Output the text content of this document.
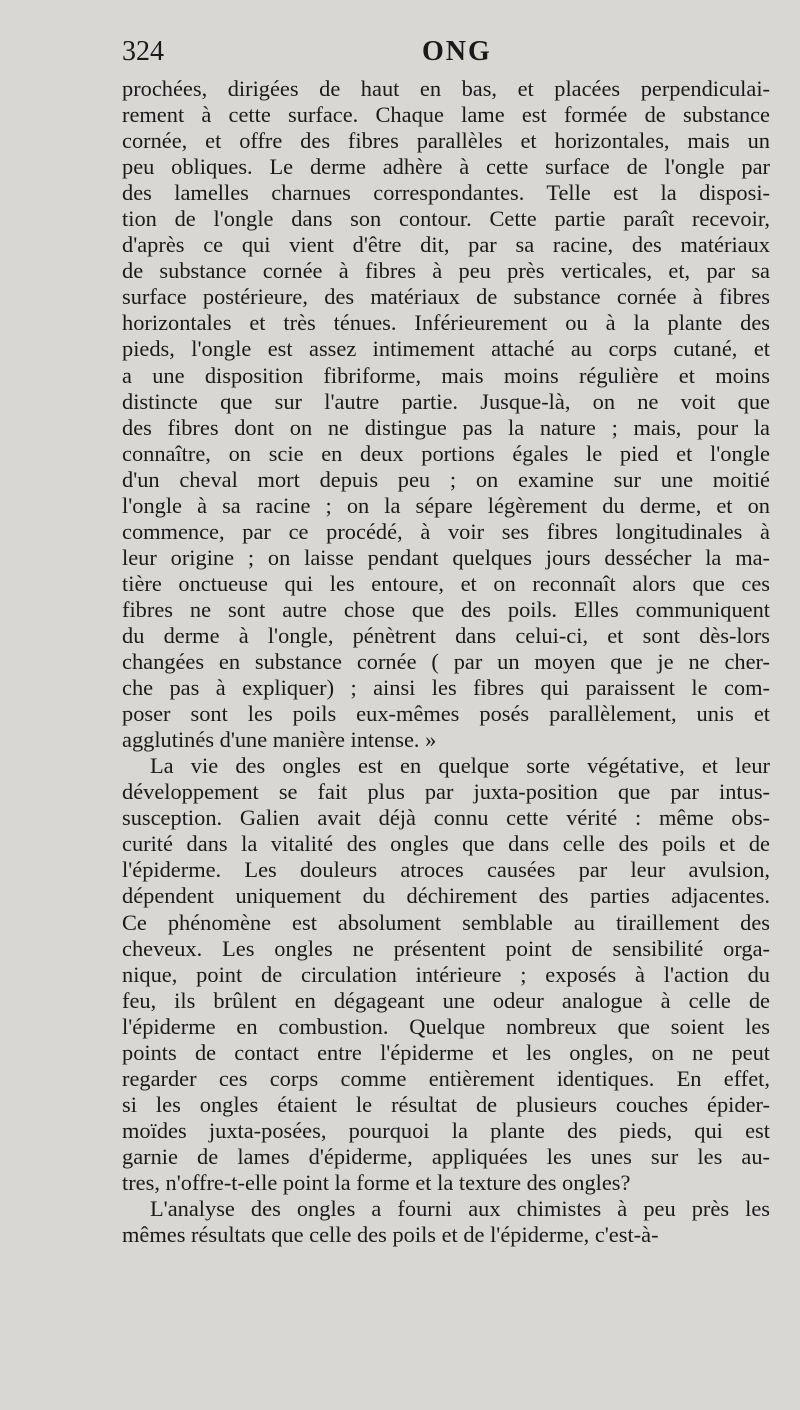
324	ONG
prochées, dirigées de haut en bas, et placées perpendiculai-
rement à cette surface. Chaque lame est formée de substance
cornée, et offre des fibres parallèles et horizontales, mais un
peu obliques. Le derme adhère à cette surface de l'ongle par
des lamelles charnues correspondantes. Telle est la disposi-
tion de l'ongle dans son contour. Cette partie paraît recevoir,
d'après ce qui vient d'être dit, par sa racine, des matériaux
de substance cornée à fibres à peu près verticales, et, par sa
surface postérieure, des matériaux de substance cornée à fibres
horizontales et très ténues. Inférieurement ou à la plante des
pieds, l'ongle est assez intimement attaché au corps cutané, et
a une disposition fibriforme, mais moins régulière et moins
distincte que sur l'autre partie. Jusque-là, on ne voit que
des fibres dont on ne distingue pas la nature ; mais, pour la
connaître, on scie en deux portions égales le pied et l'ongle
d'un cheval mort depuis peu ; on examine sur une moitié
l'ongle à sa racine ; on la sépare légèrement du derme, et on
commence, par ce procédé, à voir ses fibres longitudinales à
leur origine ; on laisse pendant quelques jours dessécher la ma-
tière onctueuse qui les entoure, et on reconnaît alors que ces
fibres ne sont autre chose que des poils. Elles communiquent
du derme à l'ongle, pénètrent dans celui-ci, et sont dès-lors
changées en substance cornée ( par un moyen que je ne cher-
che pas à expliquer) ; ainsi les fibres qui paraissent le com-
poser sont les poils eux-mêmes posés parallèlement, unis et
agglutinés d'une manière intense. »
La vie des ongles est en quelque sorte végétative, et leur
développement se fait plus par juxta-position que par intus-
susception. Galien avait déjà connu cette vérité : même obs-
curité dans la vitalité des ongles que dans celle des poils et de
l'épiderme. Les douleurs atroces causées par leur avulsion,
dépendent uniquement du déchirement des parties adjacentes.
Ce phénomène est absolument semblable au tiraillement des
cheveux. Les ongles ne présentent point de sensibilité orga-
nique, point de circulation intérieure ; exposés à l'action du
feu, ils brûlent en dégageant une odeur analogue à celle de
l'épiderme en combustion. Quelque nombreux que soient les
points de contact entre l'épiderme et les ongles, on ne peut
regarder ces corps comme entièrement identiques. En effet,
si les ongles étaient le résultat de plusieurs couches épider-
moïdes juxta-posées, pourquoi la plante des pieds, qui est
garnie de lames d'épiderme, appliquées les unes sur les au-
tres, n'offre-t-elle point la forme et la texture des ongles?
L'analyse des ongles a fourni aux chimistes à peu près les
mêmes résultats que celle des poils et de l'épiderme, c'est-à-
